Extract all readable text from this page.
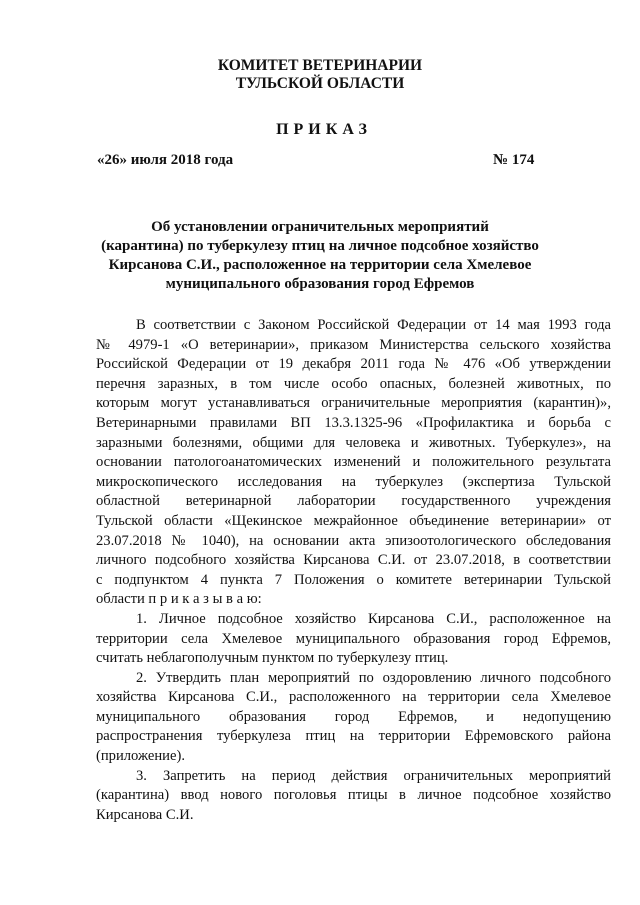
КОМИТЕТ ВЕТЕРИНАРИИ
ТУЛЬСКОЙ ОБЛАСТИ
ПРИКАЗ
«26» июля 2018 года	№ 174
Об установлении ограничительных мероприятий
(карантина) по туберкулезу птиц на личное подсобное хозяйство
Кирсанова С.И., расположенное на территории села Хмелевое
муниципального образования город Ефремов
В соответствии с Законом Российской Федерации от 14 мая 1993 года
№ 4979-1 «О ветеринарии», приказом Министерства сельского хозяйства
Российской Федерации от 19 декабря 2011 года № 476 «Об утверждении
перечня заразных, в том числе особо опасных, болезней животных, по
которым могут устанавливаться ограничительные мероприятия (карантин)»,
Ветеринарными правилами ВП 13.3.1325-96 «Профилактика и борьба с
заразными болезнями, общими для человека и животных. Туберкулез», на
основании патологоанатомических изменений и положительного результата
микроскопического исследования на туберкулез (экспертиза Тульской
областной ветеринарной лаборатории государственного учреждения
Тульской области «Щекинское межрайонное объединение ветеринарии» от
23.07.2018 № 1040), на основании акта эпизоотологического обследования
личного подсобного хозяйства Кирсанова С.И. от 23.07.2018, в соответствии
с подпунктом 4 пункта 7 Положения о комитете ветеринарии Тульской
области п р и к а з ы в а ю:
1. Личное подсобное хозяйство Кирсанова С.И., расположенное на
территории села Хмелевое муниципального образования город Ефремов,
считать неблагополучным пунктом по туберкулезу птиц.
2. Утвердить план мероприятий по оздоровлению личного подсобного
хозяйства Кирсанова С.И., расположенного на территории села Хмелевое
муниципального образования город Ефремов, и недопущению
распространения туберкулеза птиц на территории Ефремовского района
(приложение).
3. Запретить на период действия ограничительных мероприятий
(карантина) ввод нового поголовья птицы в личное подсобное хозяйство
Кирсанова С.И.
